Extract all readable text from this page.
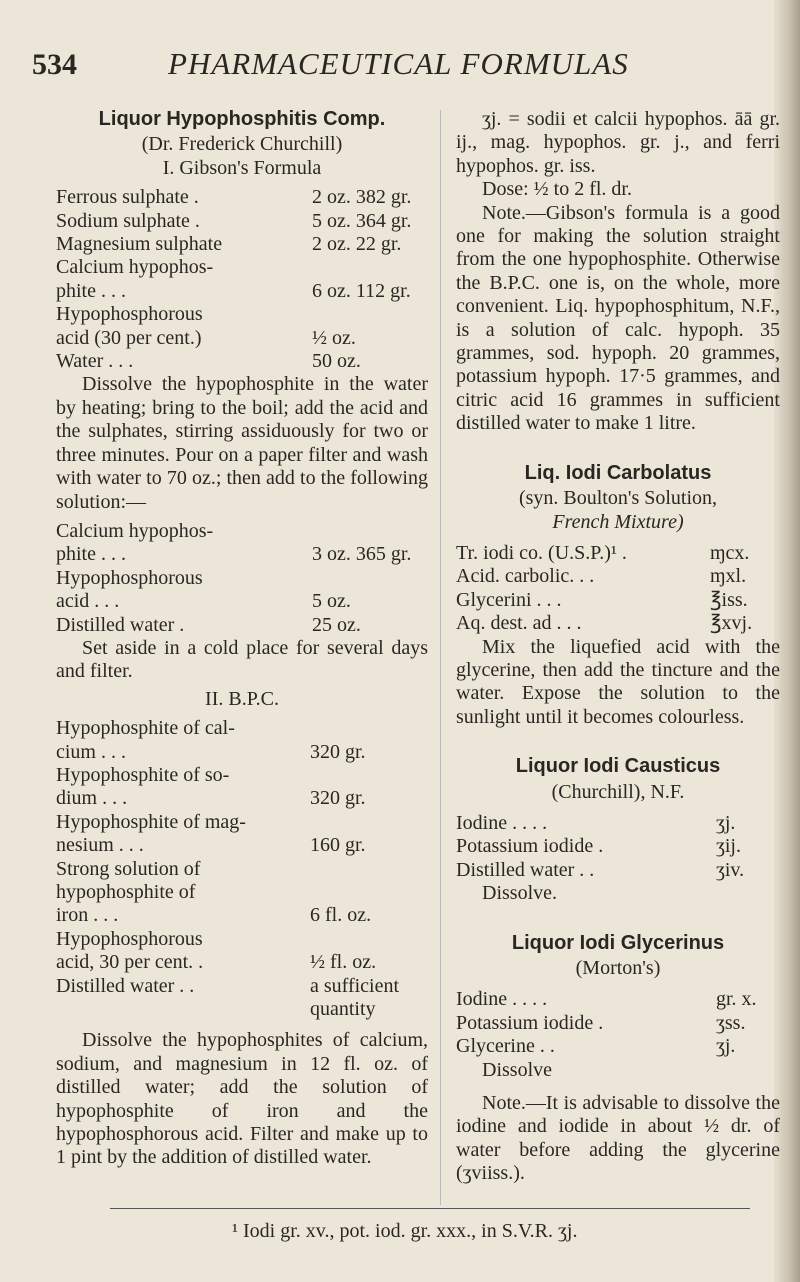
534	PHARMACEUTICAL FORMULAS
Liquor Hypophosphitis Comp.
(Dr. Frederick Churchill)
I. Gibson's Formula
Ferrous sulphate .	2 oz. 382 gr.
Sodium sulphate .	5 oz. 364 gr.
Magnesium sulphate	2 oz. 22 gr.
Calcium hypophos-
phite . . .	6 oz. 112 gr.
Hypophosphorous
acid (30 per cent.)	½ oz.
Water . . .	50 oz.
Dissolve the hypophosphite in the water by heating; bring to the boil; add the acid and the sulphates, stirring assiduously for two or three minutes. Pour on a paper filter and wash with water to 70 oz.; then add to the following solution:—
Calcium hypophos-
phite . . .	3 oz. 365 gr.
Hypophosphorous
acid . . .	5 oz.
Distilled water .	25 oz.
Set aside in a cold place for several days and filter.
II. B.P.C.
Hypophosphite of cal-
cium . . .	320 gr.
Hypophosphite of so-
dium . . .	320 gr.
Hypophosphite of mag-
nesium . . .	160 gr.
Strong solution of
hypophosphite of
iron . . .	6 fl. oz.
Hypophosphorous
acid, 30 per cent. .	½ fl. oz.
Distilled water . .	a sufficient
quantity
Dissolve the hypophosphites of calcium, sodium, and magnesium in 12 fl. oz. of distilled water; add the solution of hypophosphite of iron and the hypophosphorous acid. Filter and make up to 1 pint by the addition of distilled water.
ʒj. = sodii et calcii hypophos. āā gr. ij., mag. hypophos. gr. j., and ferri hypophos. gr. iss.
Dose: ½ to 2 fl. dr.
Note.—Gibson's formula is a good one for making the solution straight from the one hypophosphite. Otherwise the B.P.C. one is, on the whole, more convenient. Liq. hypophosphitum, N.F., is a solution of calc. hypoph. 35 grammes, sod. hypoph. 20 grammes, potassium hypoph. 17·5 grammes, and citric acid 16 grammes in sufficient distilled water to make 1 litre.
Liq. Iodi Carbolatus
(syn. Boulton's Solution,
French Mixture)
Tr. iodi co. (U.S.P.)¹ .	ɱcx.
Acid. carbolic. . .	ɱxl.
Glycerini . . .	℥iss.
Aq. dest. ad . . .	℥xvj.
Mix the liquefied acid with the glycerine, then add the tincture and the water. Expose the solution to the sunlight until it becomes colourless.
Liquor Iodi Causticus
(Churchill), N.F.
Iodine . . . .	ʒj.
Potassium iodide .	ʒij.
Distilled water . .	ʒiv.
Dissolve.
Liquor Iodi Glycerinus
(Morton's)
Iodine . . . .	gr. x.
Potassium iodide .	ʒss.
Glycerine . .	ʒj.
Dissolve
Note.—It is advisable to dissolve the iodine and iodide in about ½ dr. of water before adding the glycerine (ʒviiss.).
¹ Iodi gr. xv., pot. iod. gr. xxx., in S.V.R. ʒj.
